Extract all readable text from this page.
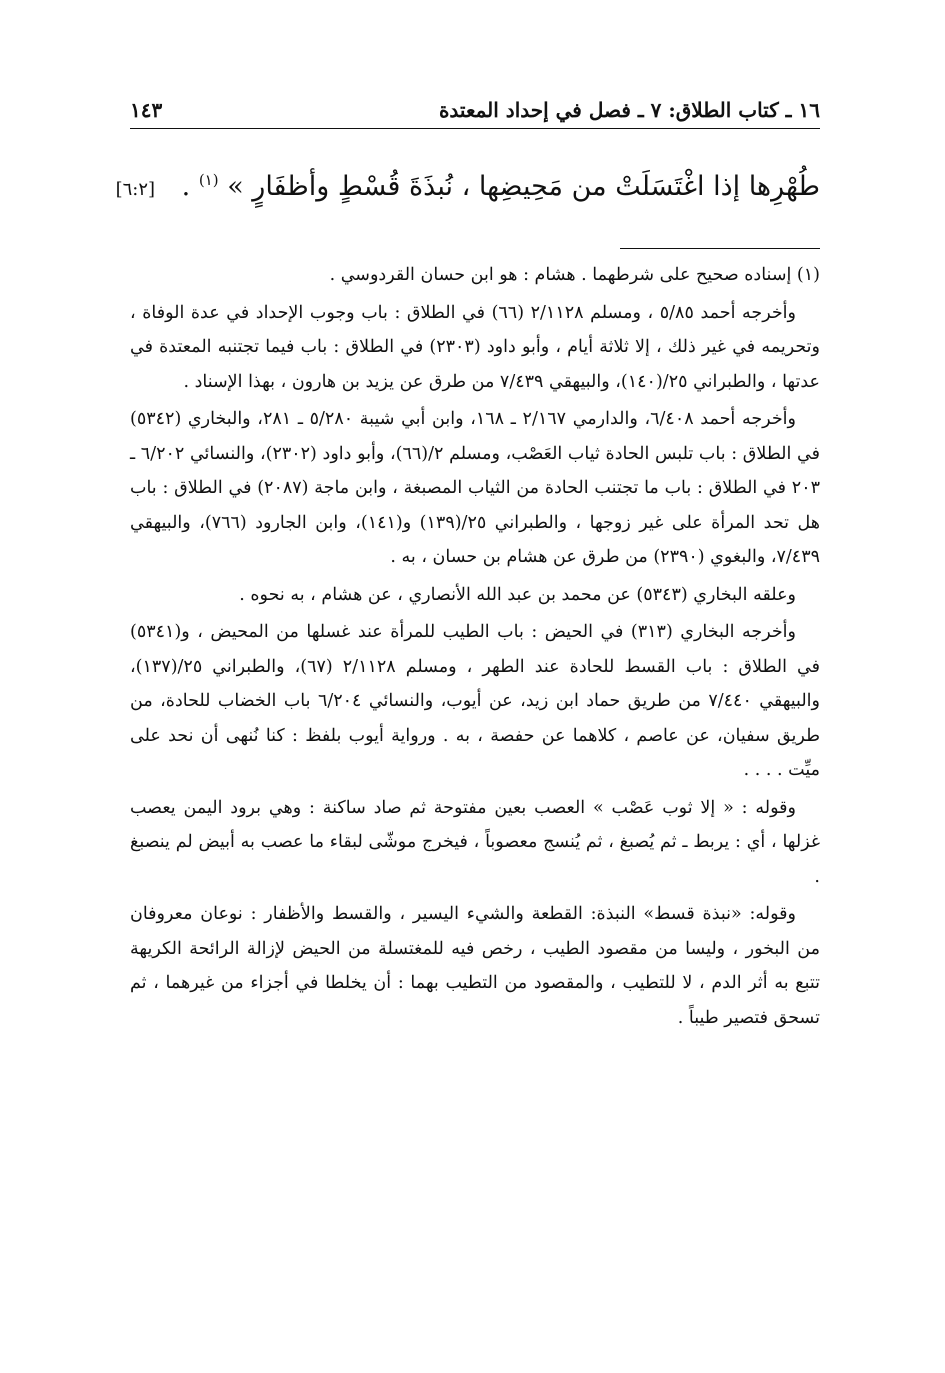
١٦ ـ كتاب الطلاق: ٧ ـ فصل في إحداد المعتدة
١٤٣
طُهْرِها إذا اغْتَسَلَتْ من مَحِيضِها ، نُبذَةَ قُسْطٍ وأظفَارٍ » $^{(١)}$ . [٦:٢]

(١) إسناده صحيح على شرطهما . هشام : هو ابن حسان القردوسي .

وأخرجه أحمد ٥/٨٥ ، ومسلم ٢/١١٢٨ (٦٦) في الطلاق : باب وجوب الإحداد في عدة الوفاة ، وتحريمه في غير ذلك ، إلا ثلاثة أيام ، وأبو داود (٢٣٠٣) في الطلاق : باب فيما تجتنبه المعتدة في عدتها ، والطبراني ٢٥/(١٤٠)، والبيهقي ٧/٤٣٩ من طرق عن يزيد بن هارون ، بهذا الإسناد .

وأخرجه أحمد ٦/٤٠٨، والدارمي ٢/١٦٧ ـ ١٦٨، وابن أبي شيبة ٥/٢٨٠ ـ ٢٨١، والبخاري (٥٣٤٢) في الطلاق : باب تلبس الحادة ثياب العَصْب، ومسلم ٢/(٦٦)، وأبو داود (٢٣٠٢)، والنسائي ٦/٢٠٢ ـ ٢٠٣ في الطلاق : باب ما تجتنب الحادة من الثياب المصبغة ، وابن ماجة (٢٠٨٧) في الطلاق : باب هل تحد المرأة على غير زوجها ، والطبراني ٢٥/(١٣٩) و(١٤١)، وابن الجارود (٧٦٦)، والبيهقي ٧/٤٣٩، والبغوي (٢٣٩٠) من طرق عن هشام بن حسان ، به .

وعلقه البخاري (٥٣٤٣) عن محمد بن عبد الله الأنصاري ، عن هشام ، به نحوه .

وأخرجه البخاري (٣١٣) في الحيض : باب الطيب للمرأة عند غسلها من المحيض ، و(٥٣٤١) في الطلاق : باب القسط للحادة عند الطهر ، ومسلم ٢/١١٢٨ (٦٧)، والطبراني ٢٥/(١٣٧)، والبيهقي ٧/٤٤٠ من طريق حماد ابن زيد، عن أيوب، والنسائي ٦/٢٠٤ باب الخضاب للحادة، من طريق سفيان، عن عاصم ، كلاهما عن حفصة ، به . ورواية أيوب بلفظ : كنا نُنهى أن نحد على ميِّت . . . .

وقوله : « إلا ثوب عَصْب » العصب بعين مفتوحة ثم صاد ساكنة : وهي برود اليمن يعصب غزلها ، أي : يربط ـ ثم يُصبغ ، ثم يُنسج معصوباً ، فيخرج موشّى لبقاء ما عصب به أبيض لم ينصبغ .

وقوله: «نبذة قسط» النبذة: القطعة والشيء اليسير ، والقسط والأظفار : نوعان معروفان من البخور ، وليسا من مقصود الطيب ، رخص فيه للمغتسلة من الحيض لإزالة الرائحة الكريهة تتبع به أثر الدم ، لا للتطيب ، والمقصود من التطيب بهما : أن يخلطا في أجزاء من غيرهما ، ثم تسحق فتصير طيباً .
